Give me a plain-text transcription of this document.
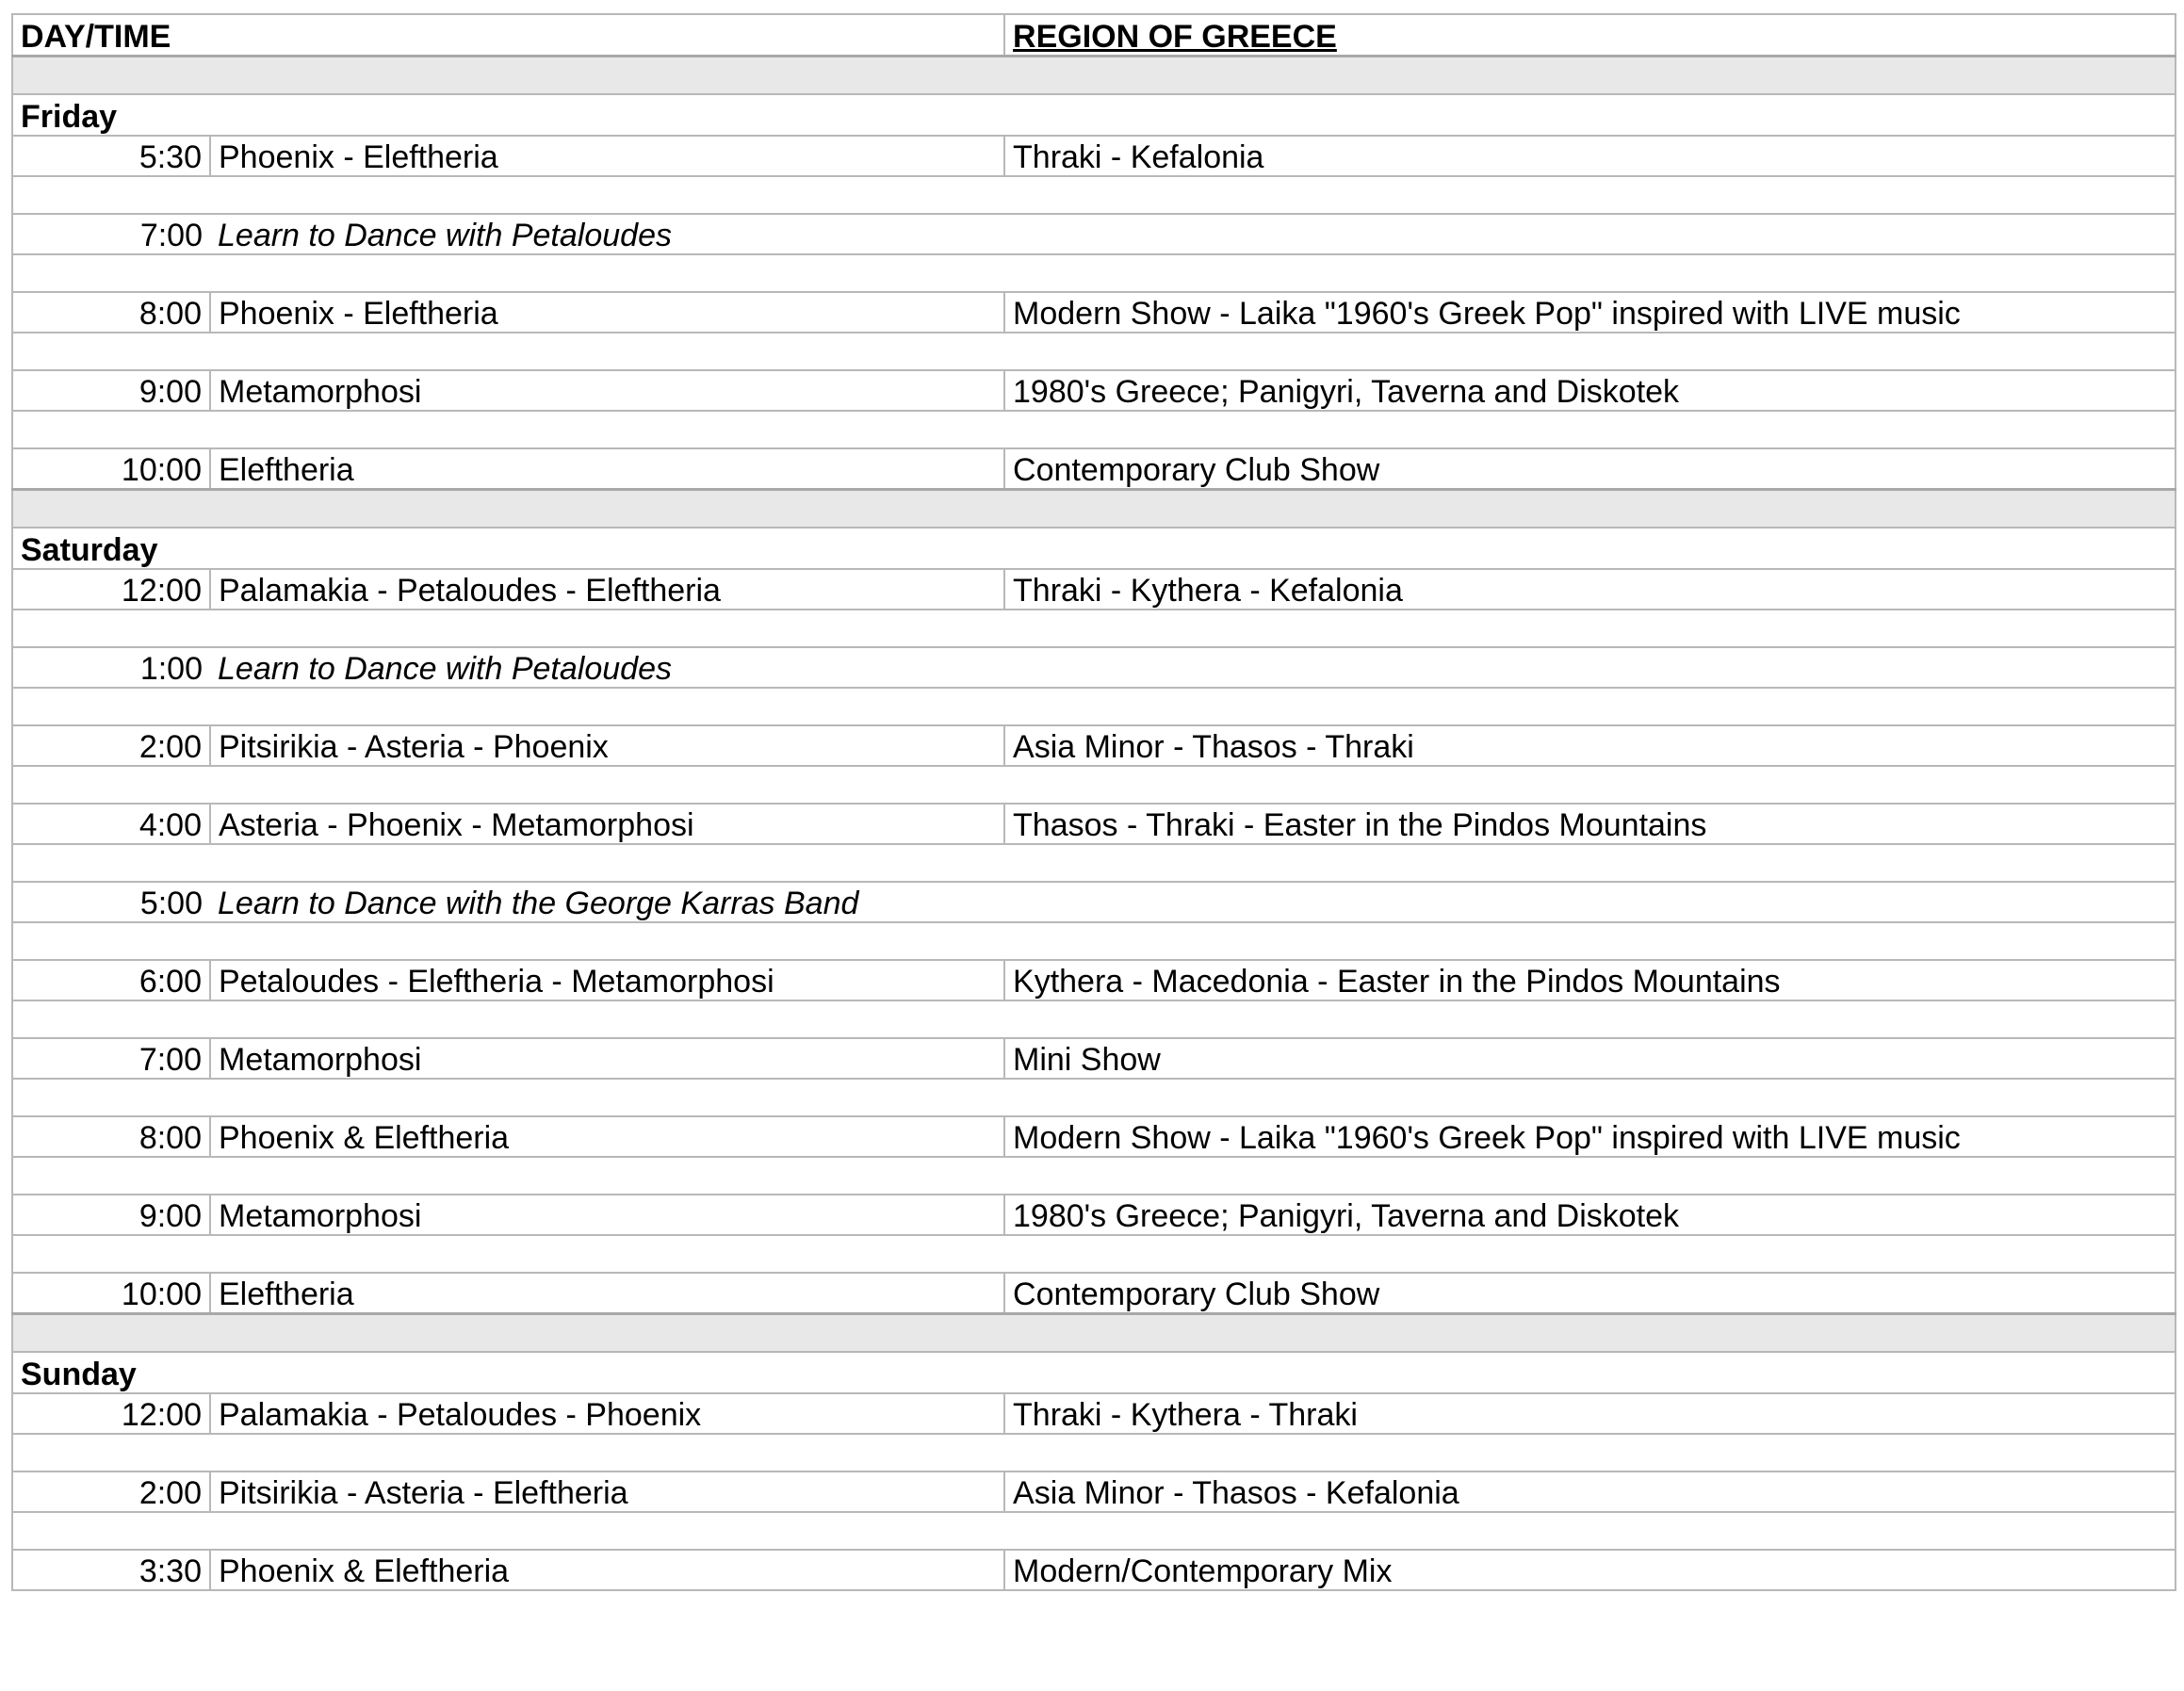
DAY/TIME		REGION OF GREECE

Friday		
5:30	Phoenix - Eleftheria	Thraki - Kefalonia

7:00	Learn to Dance with Petaloudes	

8:00	Phoenix - Eleftheria	Modern Show - Laika "1960's Greek Pop" inspired with LIVE music

9:00	Metamorphosi	1980's Greece; Panigyri, Taverna and Diskotek

10:00	Eleftheria	Contemporary Club Show

Saturday		
12:00	Palamakia - Petaloudes - Eleftheria	Thraki - Kythera - Kefalonia

1:00	Learn to Dance with Petaloudes	

2:00	Pitsirikia - Asteria - Phoenix	Asia Minor - Thasos - Thraki

4:00	Asteria - Phoenix - Metamorphosi	Thasos - Thraki - Easter in the Pindos Mountains

5:00	Learn to Dance with the George Karras Band	

6:00	Petaloudes - Eleftheria - Metamorphosi	Kythera - Macedonia - Easter in the Pindos Mountains

7:00	Metamorphosi	Mini Show

8:00	Phoenix & Eleftheria	Modern Show - Laika "1960's Greek Pop" inspired with LIVE music

9:00	Metamorphosi	1980's Greece; Panigyri, Taverna and Diskotek

10:00	Eleftheria	Contemporary Club Show

Sunday		
12:00	Palamakia - Petaloudes - Phoenix	Thraki - Kythera - Thraki

2:00	Pitsirikia - Asteria - Eleftheria	Asia Minor - Thasos - Kefalonia

3:30	Phoenix & Eleftheria	Modern/Contemporary Mix
